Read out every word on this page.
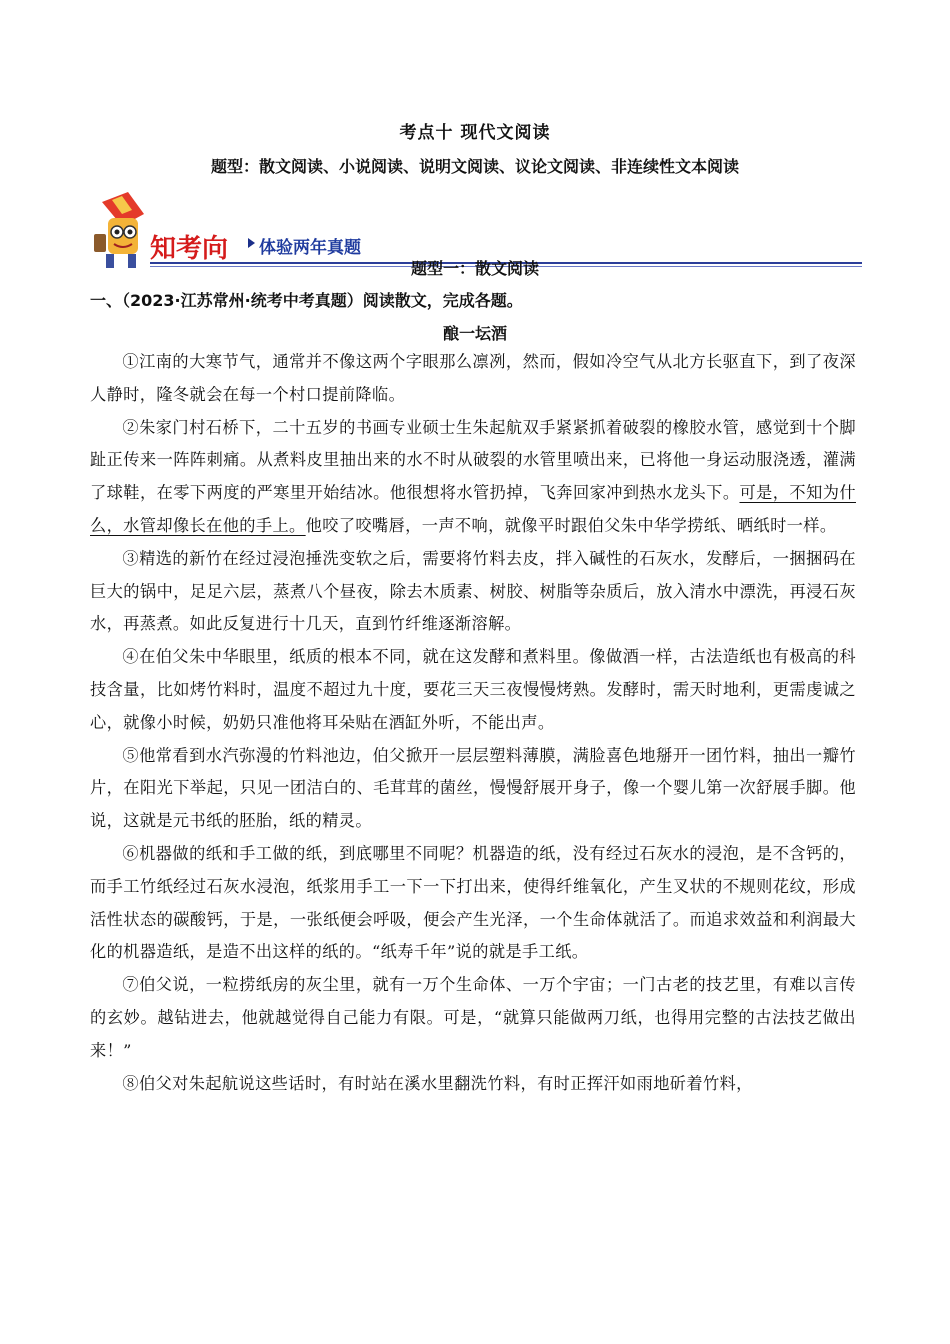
考点十 现代文阅读
题型：散文阅读、小说阅读、说明文阅读、议论文阅读、非连续性文本阅读
知考向 体验两年真题
题型一：散文阅读
一、（2023·江苏常州·统考中考真题）阅读散文，完成各题。
酿一坛酒

①江南的大寒节气，通常并不像这两个字眼那么凛冽，然而，假如冷空气从北方长驱直下，到了夜深人静时，隆冬就会在每一个村口提前降临。

②朱家门村石桥下，二十五岁的书画专业硕士生朱起航双手紧紧抓着破裂的橡胶水管，感觉到十个脚趾正传来一阵阵刺痛。从煮料皮里抽出来的水不时从破裂的水管里喷出来，已将他一身运动服浇透，灌满了球鞋，在零下两度的严寒里开始结冰。他很想将水管扔掉，飞奔回家冲到热水龙头下。可是，不知为什么，水管却像长在他的手上。他咬了咬嘴唇，一声不响，就像平时跟伯父朱中华学捞纸、晒纸时一样。

③精选的新竹在经过浸泡捶洗变软之后，需要将竹料去皮，拌入碱性的石灰水，发酵后，一捆捆码在巨大的锅中，足足六层，蒸煮八个昼夜，除去木质素、树胶、树脂等杂质后，放入清水中漂洗，再浸石灰水，再蒸煮。如此反复进行十几天，直到竹纤维逐渐溶解。

④在伯父朱中华眼里，纸质的根本不同，就在这发酵和煮料里。像做酒一样，古法造纸也有极高的科技含量，比如烤竹料时，温度不超过九十度，要花三天三夜慢慢烤熟。发酵时，需天时地利，更需虔诚之心，就像小时候，奶奶只准他将耳朵贴在酒缸外听，不能出声。

⑤他常看到水汽弥漫的竹料池边，伯父掀开一层层塑料薄膜，满脸喜色地掰开一团竹料，抽出一瓣竹片，在阳光下举起，只见一团洁白的、毛茸茸的菌丝，慢慢舒展开身子，像一个婴儿第一次舒展手脚。他说，这就是元书纸的胚胎，纸的精灵。

⑥机器做的纸和手工做的纸，到底哪里不同呢？机器造的纸，没有经过石灰水的浸泡，是不含钙的，而手工竹纸经过石灰水浸泡，纸浆用手工一下一下打出来，使得纤维氧化，产生叉状的不规则花纹，形成活性状态的碳酸钙，于是，一张纸便会呼吸，便会产生光泽，一个生命体就活了。而追求效益和利润最大化的机器造纸，是造不出这样的纸的。“纸寿千年”说的就是手工纸。

⑦伯父说，一粒捞纸房的灰尘里，就有一万个生命体、一万个宇宙；一门古老的技艺里，有难以言传的玄妙。越钻进去，他就越觉得自己能力有限。可是，“就算只能做两刀纸，也得用完整的古法技艺做出来！”

⑧伯父对朱起航说这些话时，有时站在溪水里翻洗竹料，有时正挥汗如雨地斫着竹料，
